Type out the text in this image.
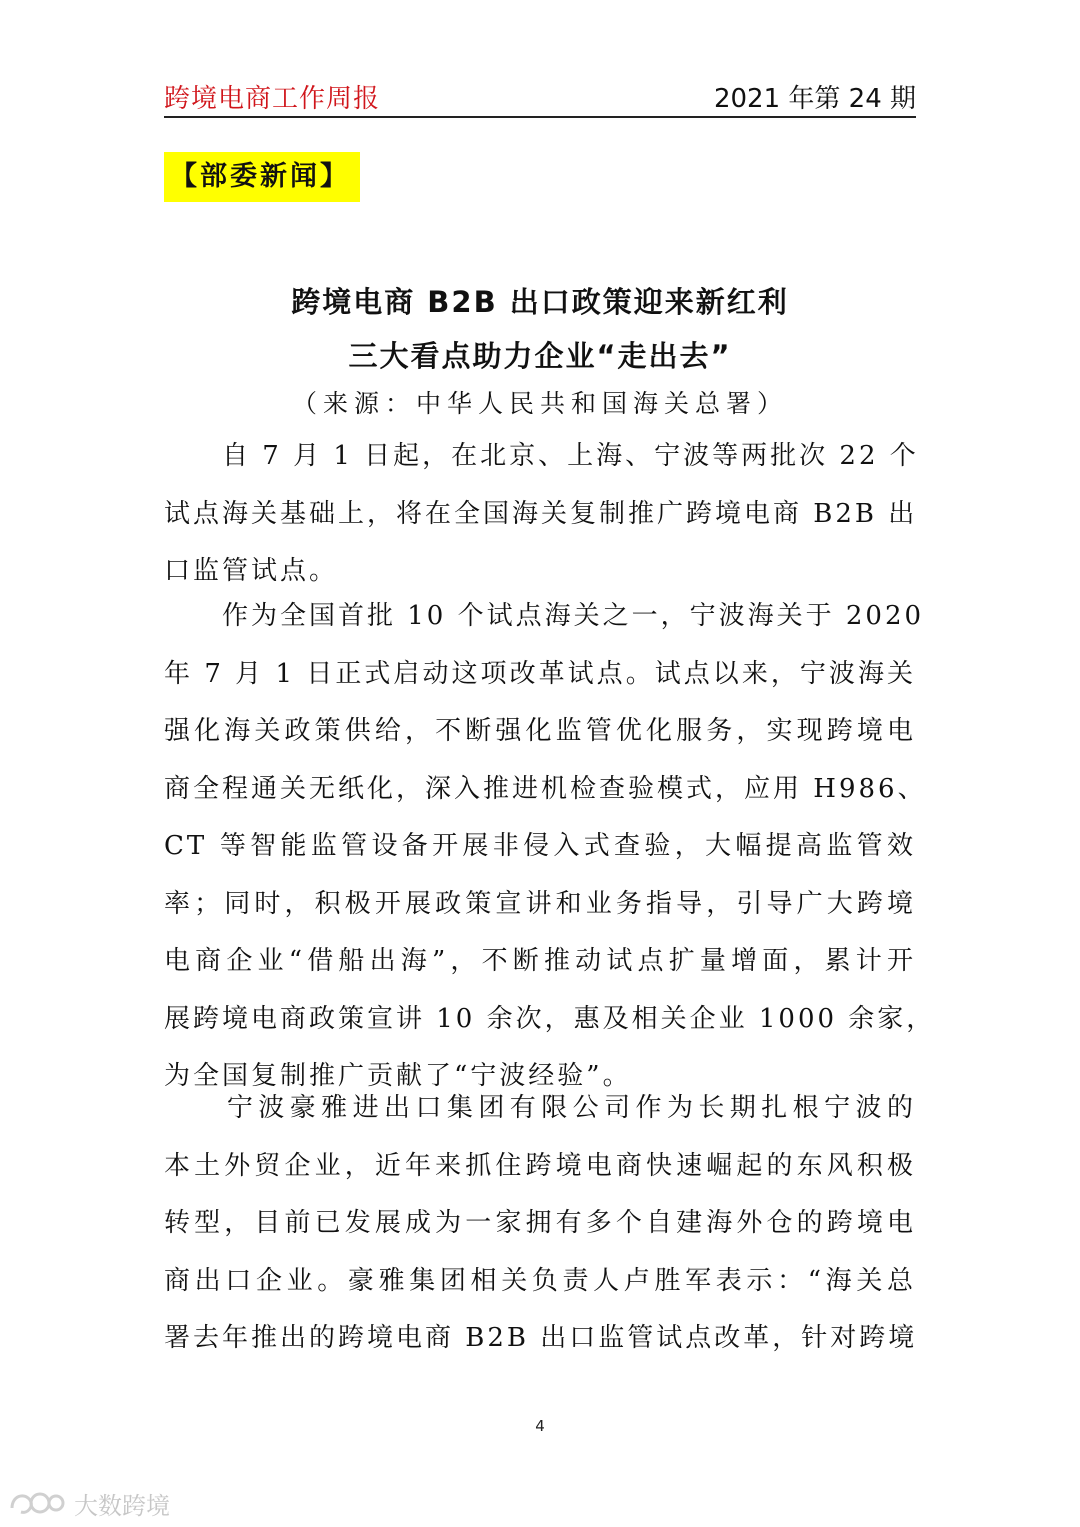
跨境电商工作周报	2021 年第 24 期
【部委新闻】
跨境电商 B2B 出口政策迎来新红利
三大看点助力企业“走出去”
（来源：中华人民共和国海关总署）
　　自 7 月 1 日起，在北京、上海、宁波等两批次 22 个
试点海关基础上，将在全国海关复制推广跨境电商 B2B 出
口监管试点。
　　作为全国首批 10 个试点海关之一，宁波海关于 2020
年 7 月 1 日正式启动这项改革试点。试点以来，宁波海关
强化海关政策供给，不断强化监管优化服务，实现跨境电
商全程通关无纸化，深入推进机检查验模式，应用 H986、
CT 等智能监管设备开展非侵入式查验，大幅提高监管效
率；同时，积极开展政策宣讲和业务指导，引导广大跨境
电商企业“借船出海”，不断推动试点扩量增面，累计开
展跨境电商政策宣讲 10 余次，惠及相关企业 1000 余家，
为全国复制推广贡献了“宁波经验”。
　　宁波豪雅进出口集团有限公司作为长期扎根宁波的
本土外贸企业，近年来抓住跨境电商快速崛起的东风积极
转型，目前已发展成为一家拥有多个自建海外仓的跨境电
商出口企业。豪雅集团相关负责人卢胜军表示：“海关总
署去年推出的跨境电商 B2B 出口监管试点改革，针对跨境
4
大数跨境
